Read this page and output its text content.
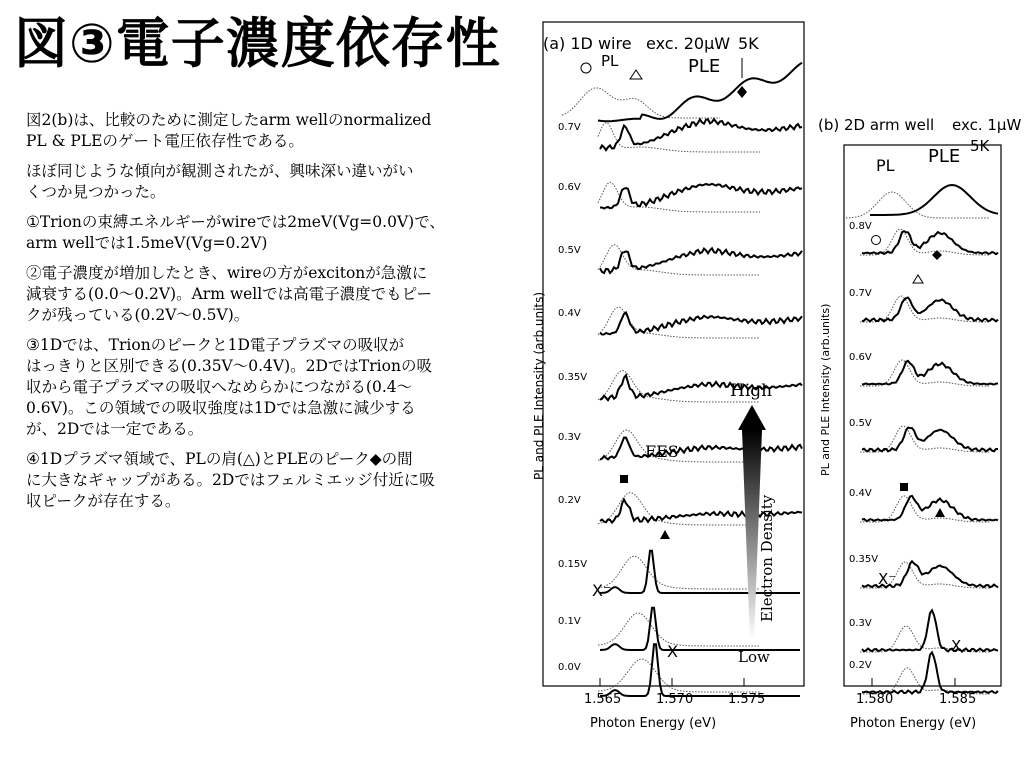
図③電子濃度依存性

図2(b)は、比較のために測定したarm wellのnormalized
PL & PLEのゲート電圧依存性である。

ほぼ同じような傾向が観測されたが、興味深い違いがい
くつか見つかった。

①Trionの束縛エネルギーがwireでは2meV(Vg=0.0V)で、
arm wellでは1.5meV(Vg=0.2V)

②電子濃度が増加したとき、wireの方がexcitonが急激に
減衰する(0.0〜0.2V)。Arm wellでは高電子濃度でもピー
クが残っている(0.2V〜0.5V)。

③1Dでは、Trionのピークと1D電子プラズマの吸収が
はっきりと区別できる(0.35V〜0.4V)。2DではTrionの吸
収から電子プラズマの吸収へなめらかにつながる(0.4〜
0.6V)。この領域での吸収強度は1Dでは急激に減少する
が、2Dでは一定である。

④1Dプラズマ領域で、PLの肩(△)とPLEのピーク◆の間
に大きなギャップがある。2Dではフェルミエッジ付近に吸
収ピークが存在する。

(a) 1D wire exc. 20μW 5K
PL	PLE
0.7V
0.6V
0.5V
0.4V
0.35V
0.3V
0.2V
0.15V
0.1V
0.0V
FES
X⁻
X
High
Low
Electron Density
1.565	1.570	1.575
Photon Energy (eV)
PL and PLE Intensity (arb.units)
(b) 2D arm well exc. 1μW
5K
PL PLE
0.8V
0.7V
0.6V
0.5V
0.4V
0.35V
0.3V
0.2V
X⁻
X
1.580	1.585
Photon Energy (eV)
PL and PLE Intensity (arb.units)
